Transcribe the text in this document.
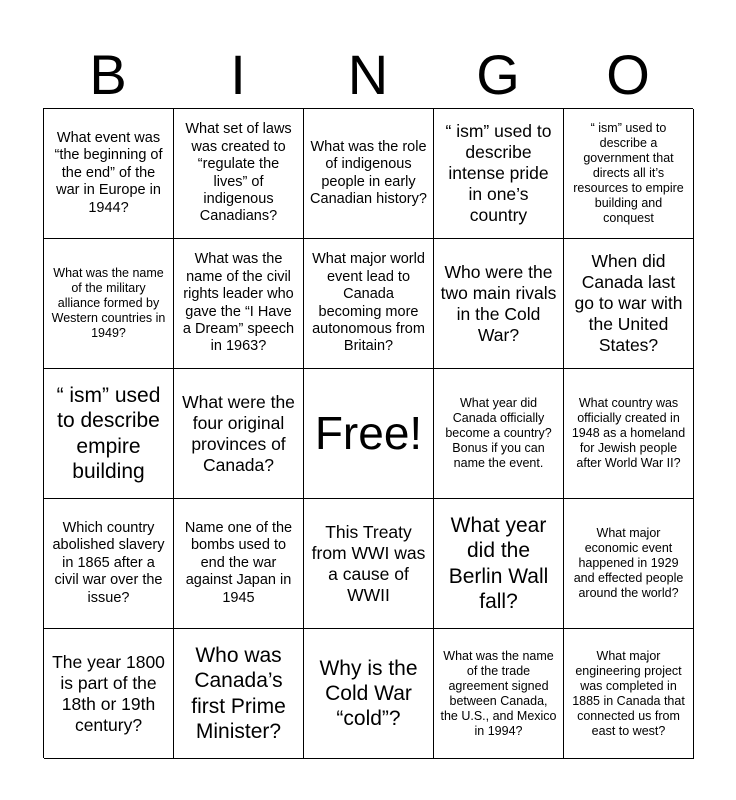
B	I	N	G	O
What event was “the beginning of the end” of the war in Europe in 1944?
What set of laws was created to “regulate the lives” of indigenous Canadians?
What was the role of indigenous people in early Canadian history?
“ ism” used to describe intense pride in one’s country
“ ism” used to describe a government that directs all it’s resources to empire building and conquest
What was the name of the military alliance formed by Western countries in 1949?
What was the name of the civil rights leader who gave the “I Have a Dream” speech in 1963?
What major world event lead to Canada becoming more autonomous from Britain?
Who were the two main rivals in the Cold War?
When did Canada last go to war with the United States?
“ ism” used to describe empire building
What were the four original provinces of Canada?
Free!
What year did Canada officially become a country? Bonus if you can name the event.
What country was officially created in 1948 as a homeland for Jewish people after World War II?
Which country abolished slavery in 1865 after a civil war over the issue?
Name one of the bombs used to end the war against Japan in 1945
This Treaty from WWI was a cause of WWII
What year did the Berlin Wall fall?
What major economic event happened in 1929 and effected people around the world?
The year 1800 is part of the 18th or 19th century?
Who was Canada’s first Prime Minister?
Why is the Cold War “cold”?
What was the name of the trade agreement signed between Canada, the U.S., and Mexico in 1994?
What major engineering project was completed in 1885 in Canada that connected us from east to west?
